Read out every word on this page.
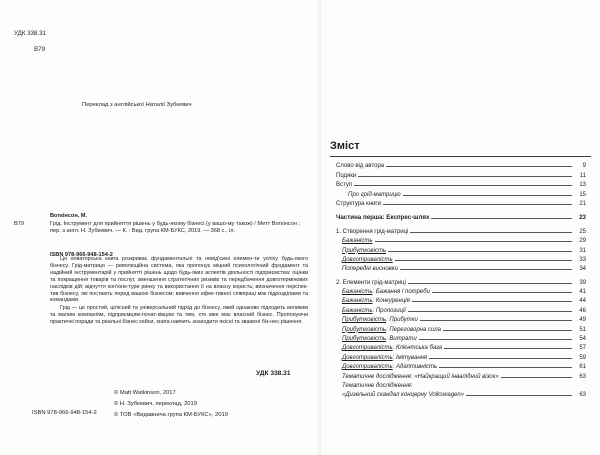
УДК 338.31
В79
Переклад з англійської Наталії Зубкевич
Воткінсон, М.
В79	Грід. Інструмент для прийняття рішень у будь-якому бізнесі (у вашо-му також) / Метт Воткінсон ; пер. з англ. Н. Зубкевич. — К. : Вид. група КМ-БУКС, 2019. — 368 с., іл.
ISBN 978-966-948-154-2

Ця новаторська книга розкриває фундаментальні та невід'ємні елемен-ти успіху будь-якого бізнесу. Грід-матриця — революційна система, яка пропонує міцний психологічний фундамент та надійний інструментарій у прийнятті рішень щодо будь-яких аспектів діяльності підприємства: оцінки та покращення товарів та послуг, зменшення стратегічних ризиків та передбачення довготермінових наслідків дій; відчуття кон'юнк-тури ринку та використання її на власну користь; визначення перспек-тив бізнесу, які постають перед вашою бізнесом; вивчення ефек-тивної співпраці між підрозділами та командами.

Грід — це простий, цілісний та універсальний підхід до бізнесу, який однаково підходить великим та малим компаніям, підприємцям-почат-ківцям та тим, хто вже має власний бізнес. Пропонуючи практичні поради та реальні бізнес кейси, книга навчить знаходити якісні та зважені біз-нес-рішення.

УДК 338.31
© Matt Watkinson, 2017
© Н. Зубкевич, переклад, 2019
© ТОВ «Видавнича група КМ-БУКС», 2019
ISBN 978-966-948-154-2
Зміст
Слово від автора	9
Подяки	11
Вступ	13
Про грід-матрицю	15
Структура книги	21
Частина перша: Експрес-шлях	23
1. Створення грід-матриці	25
Бажаність	29
Прибутковість	31
Довготривалість	33
Попередні висновки	34
2. Елементи грід-матриці	39
Бажаність: Бажання і потреби	41
Бажаність: Конкуренція	44
Бажаність: Пропозиції	46
Прибутковість: Прибутки	49
Прибутковість: Переговорна сила	51
Прибутковість: Витрати	54
Довготривалість: Клієнтська база	57
Довготривалість: Імітування	59
Довготривалість: Адаптивність	61
Тематичне дослідження: «Найкращий інвалідний візок»	63
Тематичне дослідження:
«Дизельний скандал концерну Volkswagen»	63
